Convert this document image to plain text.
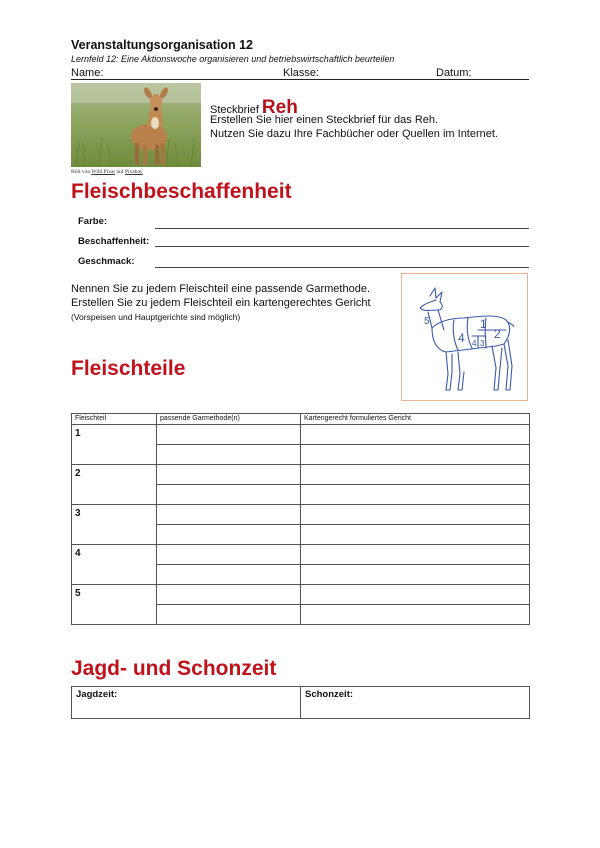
Veranstaltungsorganisation 12
Lernfeld 12: Eine Aktionswoche organisieren und betriebswirtschaftlich beurteilen
Name:	Klasse:	Datum:
Bild von Wild Pixar auf Pixabay
Steckbrief Reh
Erstellen Sie hier einen Steckbrief für das Reh.
Nutzen Sie dazu Ihre Fachbücher oder Quellen im Internet.
Fleischbeschaffenheit
Farbe:
Beschaffenheit:
Geschmack:
Nennen Sie zu jedem Fleischteil eine passende Garmethode.
Erstellen Sie zu jedem Fleischteil ein kartengerechtes Gericht
(Vorspeisen und Hauptgerichte sind möglich)	5
4
1
2
4 3
Fleischteile
Fleischteil	passende Garmethode(n)	Kartengerecht formuliertes Gericht
1		

2		

3		

4		

5		

Jagd- und Schonzeit
Jagdzeit:	Schonzeit:
